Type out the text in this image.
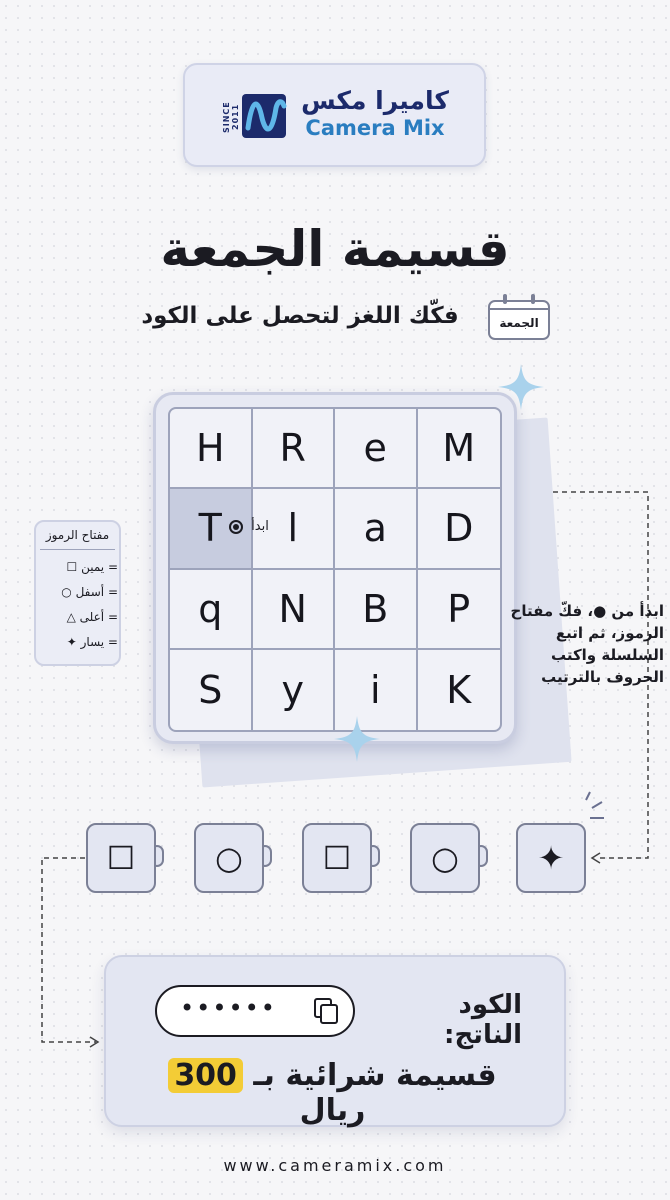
SINCE 2011
كاميرا مكس
Camera Mix
قسيمة الجمعة
الجمعة
فكّك اللغز لتحصل على الكود
H	R	e	M
T	l	a	D
q	N	B	P
S	y	i	K
ابدأ
مفتاح الرموز
= يمين ☐
= أسفل ○
= أعلى △
= يسار ✦
ابدأ من ●، فكّ مفتاح الرموز، ثم اتبع السلسلة واكتب الحروف بالترتيب
☐	○	☐	○	✦
••••••	الكود الناتج:
قسيمة شرائية بـ 300 ريال
www.cameramix.com
